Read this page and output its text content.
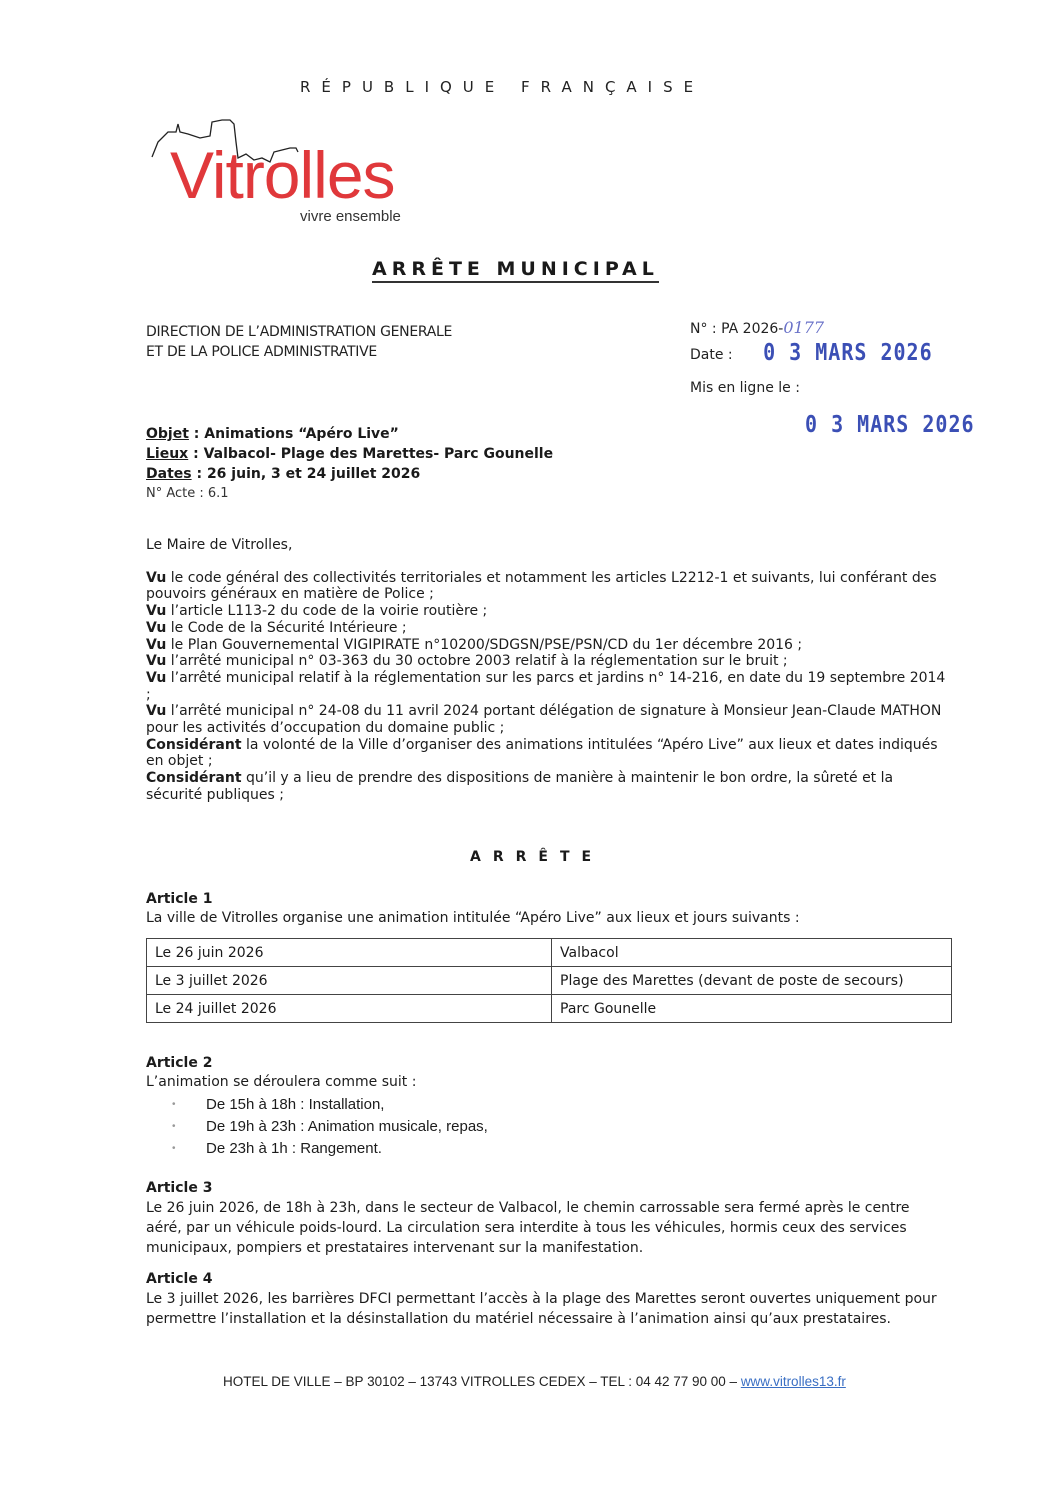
RÉPUBLIQUE FRANÇAISE
Vitrolles
vivre ensemble
ARRÊTE MUNICIPAL
DIRECTION DE L’ADMINISTRATION GENERALE
ET DE LA POLICE ADMINISTRATIVE
N° : PA 2026-0177
Date : 0 3 MARS 2026
Mis en ligne le :
0 3 MARS 2026
Objet : Animations “Apéro Live”
Lieux : Valbacol- Plage des Marettes- Parc Gounelle
Dates : 26 juin, 3 et 24 juillet 2026
N° Acte : 6.1

Le Maire de Vitrolles,

Vu le code général des collectivités territoriales et notamment les articles L2212-1 et suivants, lui conférant des pouvoirs généraux en matière de Police ;

Vu l’article L113-2 du code de la voirie routière ;

Vu le Code de la Sécurité Intérieure ;

Vu le Plan Gouvernemental VIGIPIRATE n°10200/SDGSN/PSE/PSN/CD du 1er décembre 2016 ;

Vu l’arrêté municipal n° 03-363 du 30 octobre 2003 relatif à la réglementation sur le bruit ;

Vu l’arrêté municipal relatif à la réglementation sur les parcs et jardins n° 14-216, en date du 19 septembre 2014 ;

Vu l’arrêté municipal n° 24-08 du 11 avril 2024 portant délégation de signature à Monsieur Jean-Claude MATHON pour les activités d’occupation du domaine public ;

Considérant la volonté de la Ville d’organiser des animations intitulées “Apéro Live” aux lieux et dates indiqués en objet ;

Considérant qu’il y a lieu de prendre des dispositions de manière à maintenir le bon ordre, la sûreté et la sécurité publiques ;

ARRÊTE
Article 1

La ville de Vitrolles organise une animation intitulée “Apéro Live” aux lieux et jours suivants :

Le 26 juin 2026	Valbacol
Le 3 juillet 2026	Plage des Marettes (devant de poste de secours)
Le 24 juillet 2026	Parc Gounelle
Article 2

L’animation se déroulera comme suit :

• De 15h à 18h : Installation,
• De 19h à 23h : Animation musicale, repas,
• De 23h à 1h : Rangement.
Article 3

Le 26 juin 2026, de 18h à 23h, dans le secteur de Valbacol, le chemin carrossable sera fermé après le centre aéré, par un véhicule poids-lourd. La circulation sera interdite à tous les véhicules, hormis ceux des services municipaux, pompiers et prestataires intervenant sur la manifestation.

Article 4

Le 3 juillet 2026, les barrières DFCI permettant l’accès à la plage des Marettes seront ouvertes uniquement pour permettre l’installation et la désinstallation du matériel nécessaire à l’animation ainsi qu’aux prestataires.

HOTEL DE VILLE – BP 30102 – 13743 VITROLLES CEDEX – TEL : 04 42 77 90 00 – www.vitrolles13.fr
